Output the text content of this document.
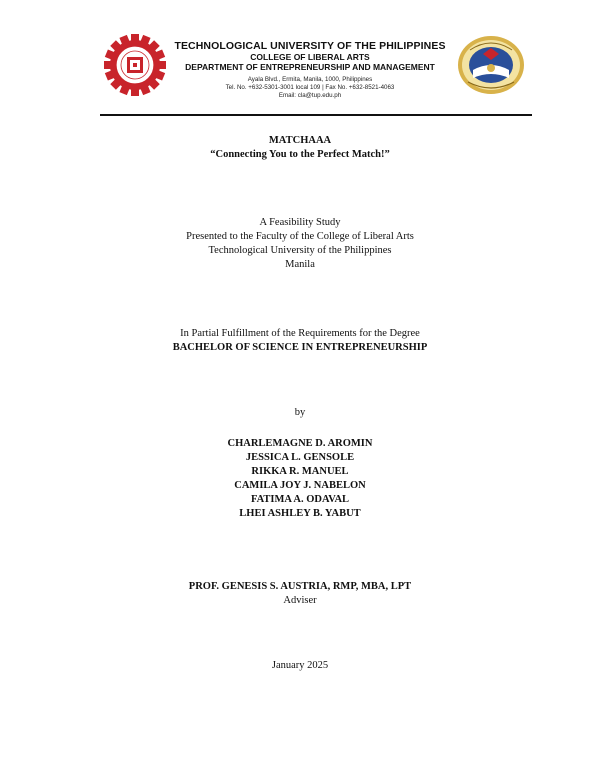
TECHNOLOGICAL UNIVERSITY OF THE PHILIPPINES
COLLEGE OF LIBERAL ARTS
DEPARTMENT OF ENTREPRENEURSHIP AND MANAGEMENT
Ayala Blvd., Ermita, Manila, 1000, Philippines
Tel. No. +632-5301-3001 local 109 | Fax No. +632-8521-4063
Email: cla@tup.edu.ph
MATCHAAA
“Connecting You to the Perfect Match!”
A Feasibility Study
Presented to the Faculty of the College of Liberal Arts
Technological University of the Philippines
Manila
In Partial Fulfillment of the Requirements for the Degree
BACHELOR OF SCIENCE IN ENTREPRENEURSHIP
by
CHARLEMAGNE D. AROMIN
JESSICA L. GENSOLE
RIKKA R. MANUEL
CAMILA JOY J. NABELON
FATIMA A. ODAVAL
LHEI ASHLEY B. YABUT
PROF. GENESIS S. AUSTRIA, RMP, MBA, LPT
Adviser
January 2025
